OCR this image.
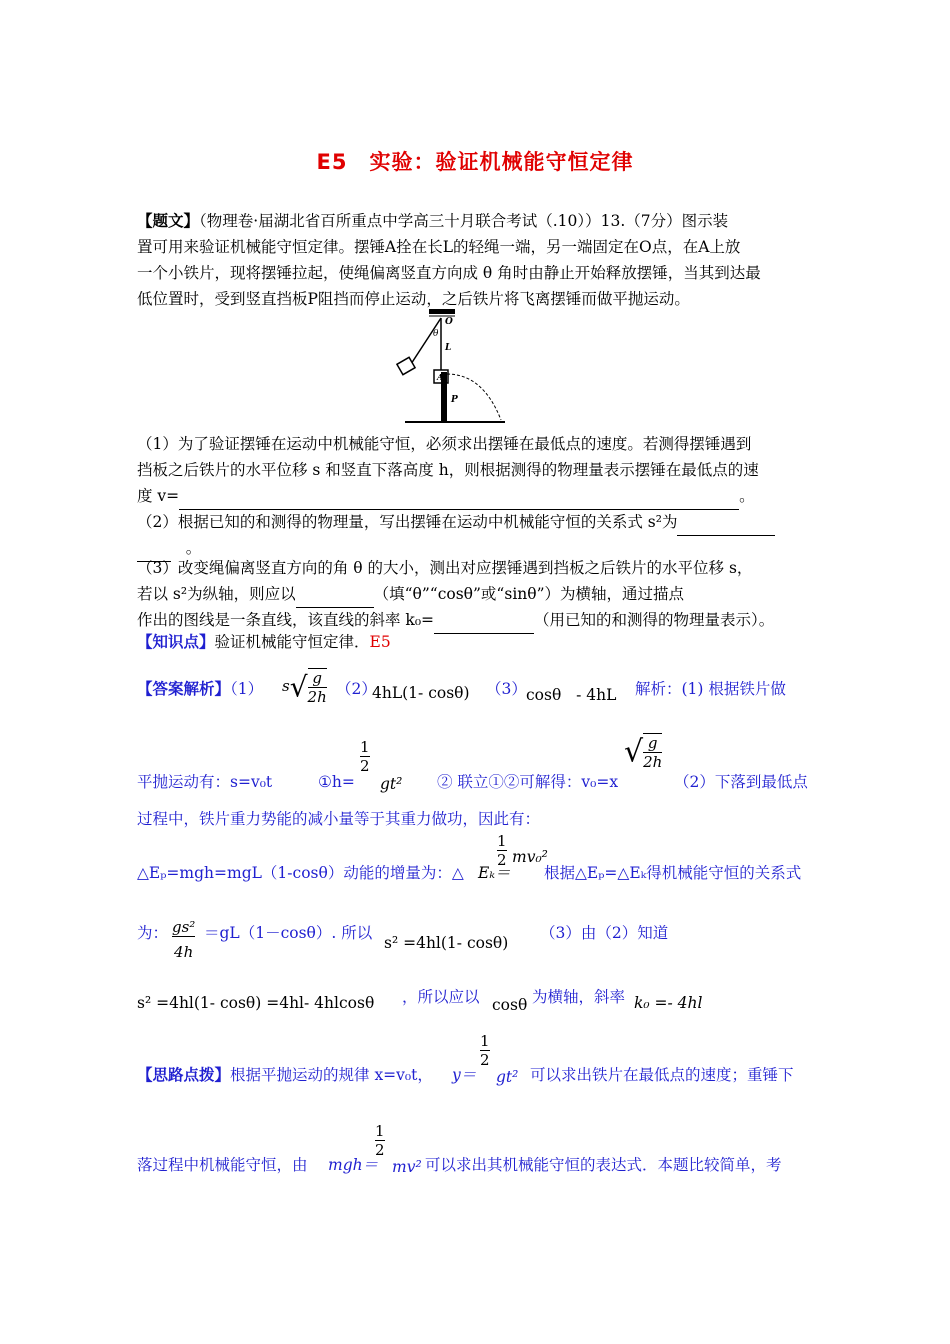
E5　实验：验证机械能守恒定律
【题文】（物理卷·届湖北省百所重点中学高三十月联合考试（.10））13.（7分）图示装
置可用来验证机械能守恒定律。摆锤A拴在长L的轻绳一端，另一端固定在O点，在A上放
一个小铁片，现将摆锤拉起，使绳偏离竖直方向成 θ 角时由静止开始释放摆锤，当其到达最
低位置时，受到竖直挡板P阻挡而停止运动，之后铁片将飞离摆锤而做平抛运动。
O
θ
L
A
P
（1）为了验证摆锤在运动中机械能守恒，必须求出摆锤在最低点的速度。若测得摆锤遇到
挡板之后铁片的水平位移 s 和竖直下落高度 h，则根据测得的物理量表示摆锤在最低点的速
度 v=	。
（2）根据已知的和测得的物理量，写出摆锤在运动中机械能守恒的关系式 s²为
。
（3）改变绳偏离竖直方向的角 θ 的大小，测出对应摆锤遇到挡板之后铁片的水平位移 s，
若以 s²为纵轴，则应以	（填“θ”“cosθ”或“sinθ”）为横轴，通过描点
作出的图线是一条直线，该直线的斜率 k₀=	（用已知的和测得的物理量表示）。
【知识点】验证机械能守恒定律．E5
【答案解析】（1） $s√ \frac{g}{2h} (2)$
4hL(1- cosθ) （3） cosθ - 4hL 解析：(1) 根据铁片做
平抛运动有：s=v₀t	①h=
$\frac{1}{2}$
gt² ② 联立①②可解得：v₀=x
√ $\frac{g}{2h}$
（2）下落到最低点
过程中，铁片重力势能的减小量等于其重力做功，因此有：
△Eₚ=mgh=mgL（1-cosθ）动能的增量为：△ Eₖ＝
$\frac{1}{2} mv_0^2$
根据△Eₚ=△Eₖ得机械能守恒的关系式
为： $\frac{\text{gs²}}{4h} =gL(1-\cos\theta)$. 所以
s² =4hl(1- cosθ)
（3）由（2）知道
s² =4hl(1- cosθ) =4hl- 4hlcosθ ，所以应以 cosθ 为横轴，斜率 k₀ =- 4hl
【思路点拨】根据平抛运动的规律 x=v₀t， y＝
$\frac{1}{2}$
gt² 可以求出铁片在最低点的速度；重锤下
落过程中机械能守恒，由 mgh＝
$\frac{1}{2}$
mv² 可以求出其机械能守恒的表达式．本题比较简单，考
